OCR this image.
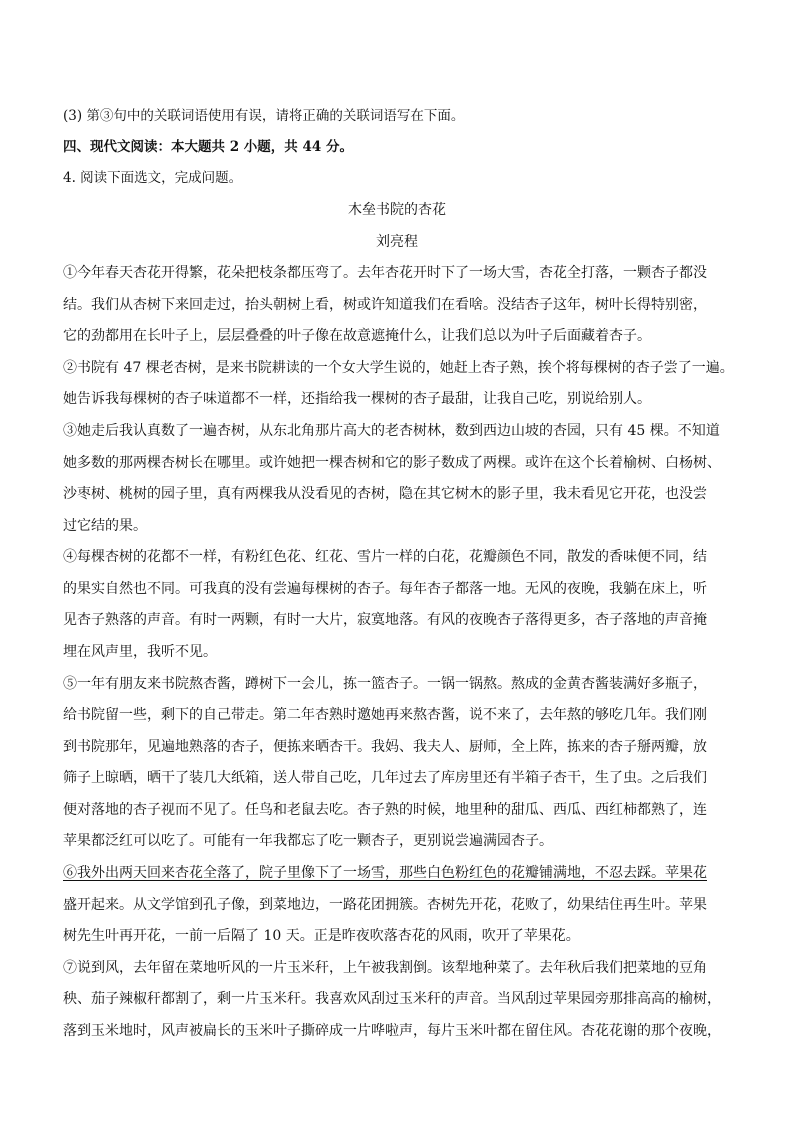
(3) 第③句中的关联词语使用有误，请将正确的关联词语写在下面。
四、现代文阅读：本大题共 2 小题，共 44 分。
4. 阅读下面选文，完成问题。
木垒书院的杏花
刘亮程
①今年春天杏花开得繁，花朵把枝条都压弯了。去年杏花开时下了一场大雪，杏花全打落，一颗杏子都没
结。我们从杏树下来回走过，抬头朝树上看，树或许知道我们在看啥。没结杏子这年，树叶长得特别密，
它的劲都用在长叶子上，层层叠叠的叶子像在故意遮掩什么，让我们总以为叶子后面藏着杏子。
②书院有 47 棵老杏树，是来书院耕读的一个女大学生说的，她赶上杏子熟，挨个将每棵树的杏子尝了一遍。
她告诉我每棵树的杏子味道都不一样，还指给我一棵树的杏子最甜，让我自己吃，别说给别人。
③她走后我认真数了一遍杏树，从东北角那片高大的老杏树林，数到西边山坡的杏园，只有 45 棵。不知道
她多数的那两棵杏树长在哪里。或许她把一棵杏树和它的影子数成了两棵。或许在这个长着榆树、白杨树、
沙枣树、桃树的园子里，真有两棵我从没看见的杏树，隐在其它树木的影子里，我未看见它开花，也没尝
过它结的果。
④每棵杏树的花都不一样，有粉红色花、红花、雪片一样的白花，花瓣颜色不同，散发的香味便不同，结
的果实自然也不同。可我真的没有尝遍每棵树的杏子。每年杏子都落一地。无风的夜晚，我躺在床上，听
见杏子熟落的声音。有时一两颗，有时一大片，寂寞地落。有风的夜晚杏子落得更多，杏子落地的声音掩
埋在风声里，我听不见。
⑤一年有朋友来书院熬杏酱，蹲树下一会儿，拣一篮杏子。一锅一锅熬。熬成的金黄杏酱装满好多瓶子，
给书院留一些，剩下的自己带走。第二年杏熟时邀她再来熬杏酱，说不来了，去年熬的够吃几年。我们刚
到书院那年，见遍地熟落的杏子，便拣来晒杏干。我妈、我夫人、厨师，全上阵，拣来的杏子掰两瓣，放
筛子上晾晒，晒干了装几大纸箱，送人带自己吃，几年过去了库房里还有半箱子杏干，生了虫。之后我们
便对落地的杏子视而不见了。任鸟和老鼠去吃。杏子熟的时候，地里种的甜瓜、西瓜、西红柿都熟了，连
苹果都泛红可以吃了。可能有一年我都忘了吃一颗杏子，更别说尝遍满园杏子。
⑥我外出两天回来杏花全落了，院子里像下了一场雪，那些白色粉红色的花瓣铺满地，不忍去踩。苹果花
盛开起来。从文学馆到孔子像，到菜地边，一路花团拥簇。杏树先开花，花败了，幼果结住再生叶。苹果
树先生叶再开花，一前一后隔了 10 天。正是昨夜吹落杏花的风雨，吹开了苹果花。
⑦说到风，去年留在菜地听风的一片玉米秆，上午被我割倒。该犁地种菜了。去年秋后我们把菜地的豆角
秧、茄子辣椒秆都割了，剩一片玉米秆。我喜欢风刮过玉米秆的声音。当风刮过苹果园旁那排高高的榆树，
落到玉米地时，风声被扁长的玉米叶子撕碎成一片哗啦声，每片玉米叶都在留住风。杏花花谢的那个夜晚，
